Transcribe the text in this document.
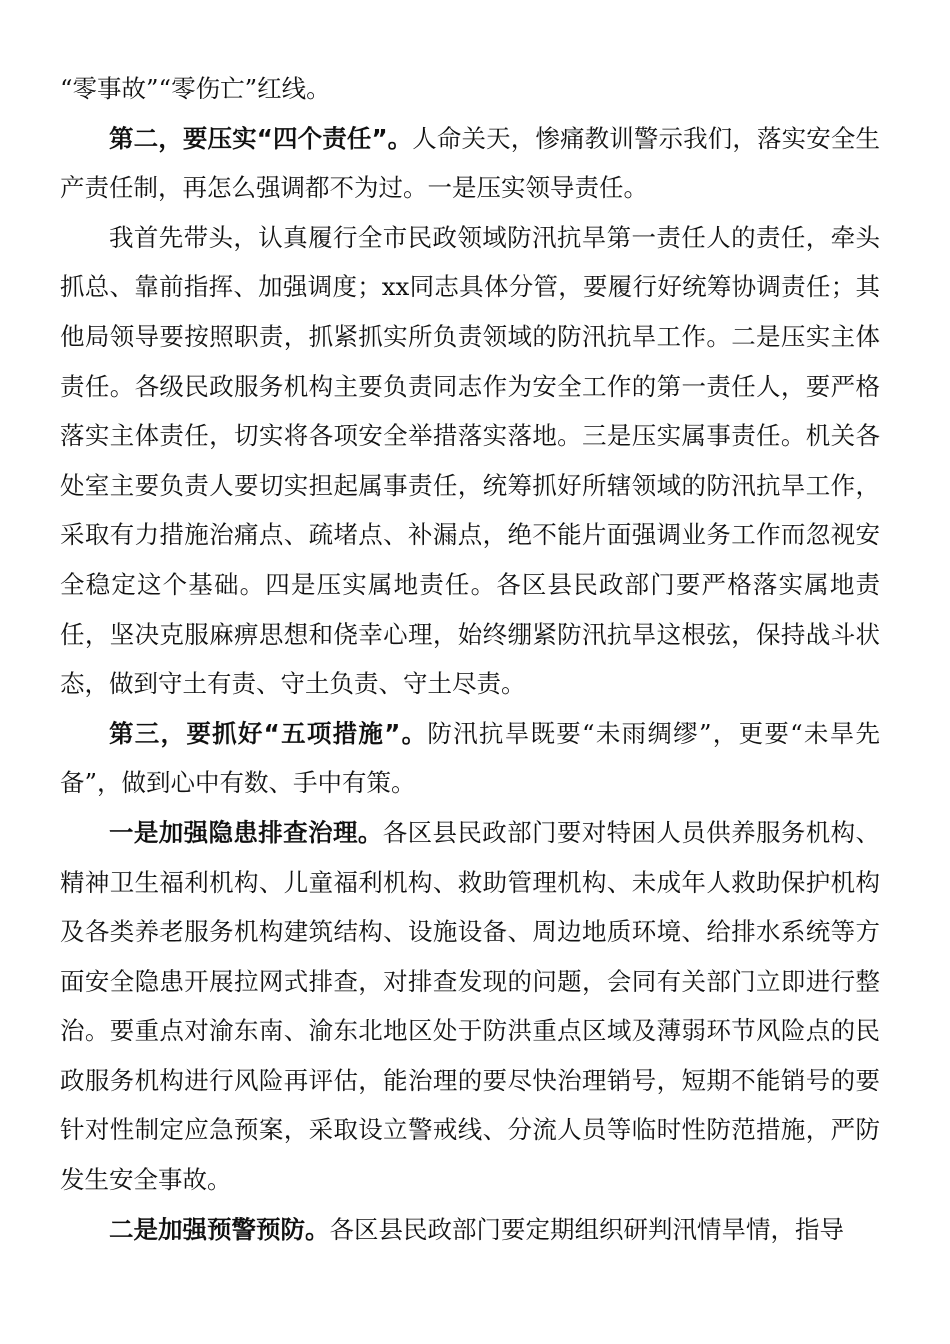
“零事故”“零伤亡”红线。

第二，要压实“四个责任”。人命关天，惨痛教训警示我们，落实安全生产责任制，再怎么强调都不为过。一是压实领导责任。

我首先带头，认真履行全市民政领域防汛抗旱第一责任人的责任，牵头抓总、靠前指挥、加强调度；xx同志具体分管，要履行好统筹协调责任；其他局领导要按照职责，抓紧抓实所负责领域的防汛抗旱工作。二是压实主体责任。各级民政服务机构主要负责同志作为安全工作的第一责任人，要严格落实主体责任，切实将各项安全举措落实落地。三是压实属事责任。机关各处室主要负责人要切实担起属事责任，统筹抓好所辖领域的防汛抗旱工作，采取有力措施治痛点、疏堵点、补漏点，绝不能片面强调业务工作而忽视安全稳定这个基础。四是压实属地责任。各区县民政部门要严格落实属地责任，坚决克服麻痹思想和侥幸心理，始终绷紧防汛抗旱这根弦，保持战斗状态，做到守土有责、守土负责、守土尽责。

第三，要抓好“五项措施”。防汛抗旱既要“未雨绸缪”，更要“未旱先备”，做到心中有数、手中有策。

一是加强隐患排查治理。各区县民政部门要对特困人员供养服务机构、精神卫生福利机构、儿童福利机构、救助管理机构、未成年人救助保护机构及各类养老服务机构建筑结构、设施设备、周边地质环境、给排水系统等方面安全隐患开展拉网式排查，对排查发现的问题，会同有关部门立即进行整治。要重点对渝东南、渝东北地区处于防洪重点区域及薄弱环节风险点的民政服务机构进行风险再评估，能治理的要尽快治理销号，短期不能销号的要针对性制定应急预案，采取设立警戒线、分流人员等临时性防范措施，严防发生安全事故。

二是加强预警预防。各区县民政部门要定期组织研判汛情旱情，指导
